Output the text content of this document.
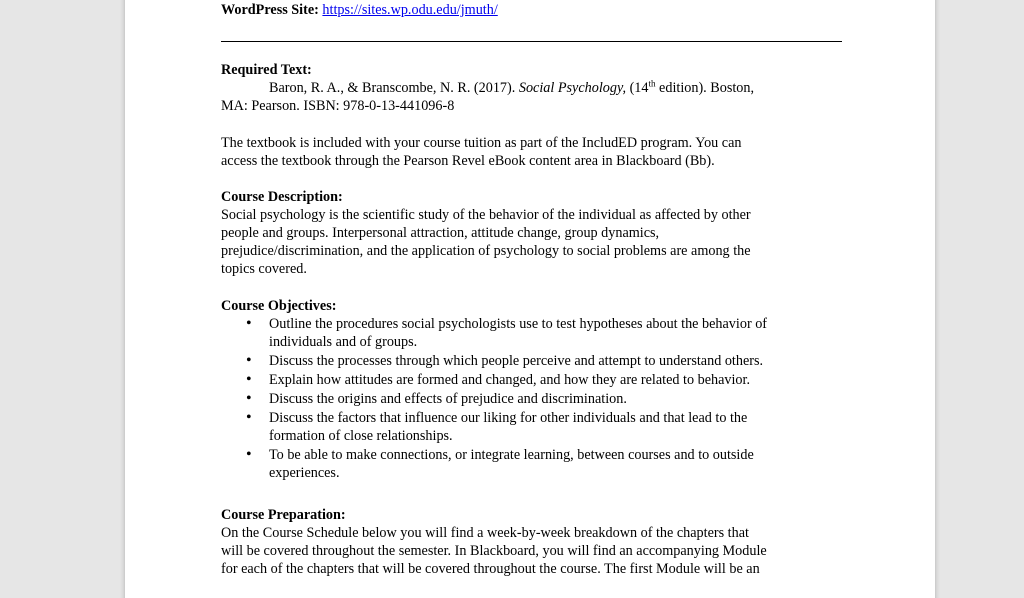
WordPress Site: https://sites.wp.odu.edu/jmuth/

Required Text:

Baron, R. A., & Branscombe, N. R. (2017). Social Psychology, (14th edition). Boston,

MA: Pearson. ISBN: 978-0-13-441096-8

The textbook is included with your course tuition as part of the IncludED program. You can

access the textbook through the Pearson Revel eBook content area in Blackboard (Bb).

Course Description:

Social psychology is the scientific study of the behavior of the individual as affected by other

people and groups. Interpersonal attraction, attitude change, group dynamics,

prejudice/discrimination, and the application of psychology to social problems are among the

topics covered.

Course Objectives:

• Outline the procedures social psychologists use to test hypotheses about the behavior of
individuals and of groups.
• Discuss the processes through which people perceive and attempt to understand others.
• Explain how attitudes are formed and changed, and how they are related to behavior.
• Discuss the origins and effects of prejudice and discrimination.
• Discuss the factors that influence our liking for other individuals and that lead to the
formation of close relationships.
• To be able to make connections, or integrate learning, between courses and to outside
experiences.

Course Preparation:

On the Course Schedule below you will find a week-by-week breakdown of the chapters that

will be covered throughout the semester. In Blackboard, you will find an accompanying Module

for each of the chapters that will be covered throughout the course. The first Module will be an
